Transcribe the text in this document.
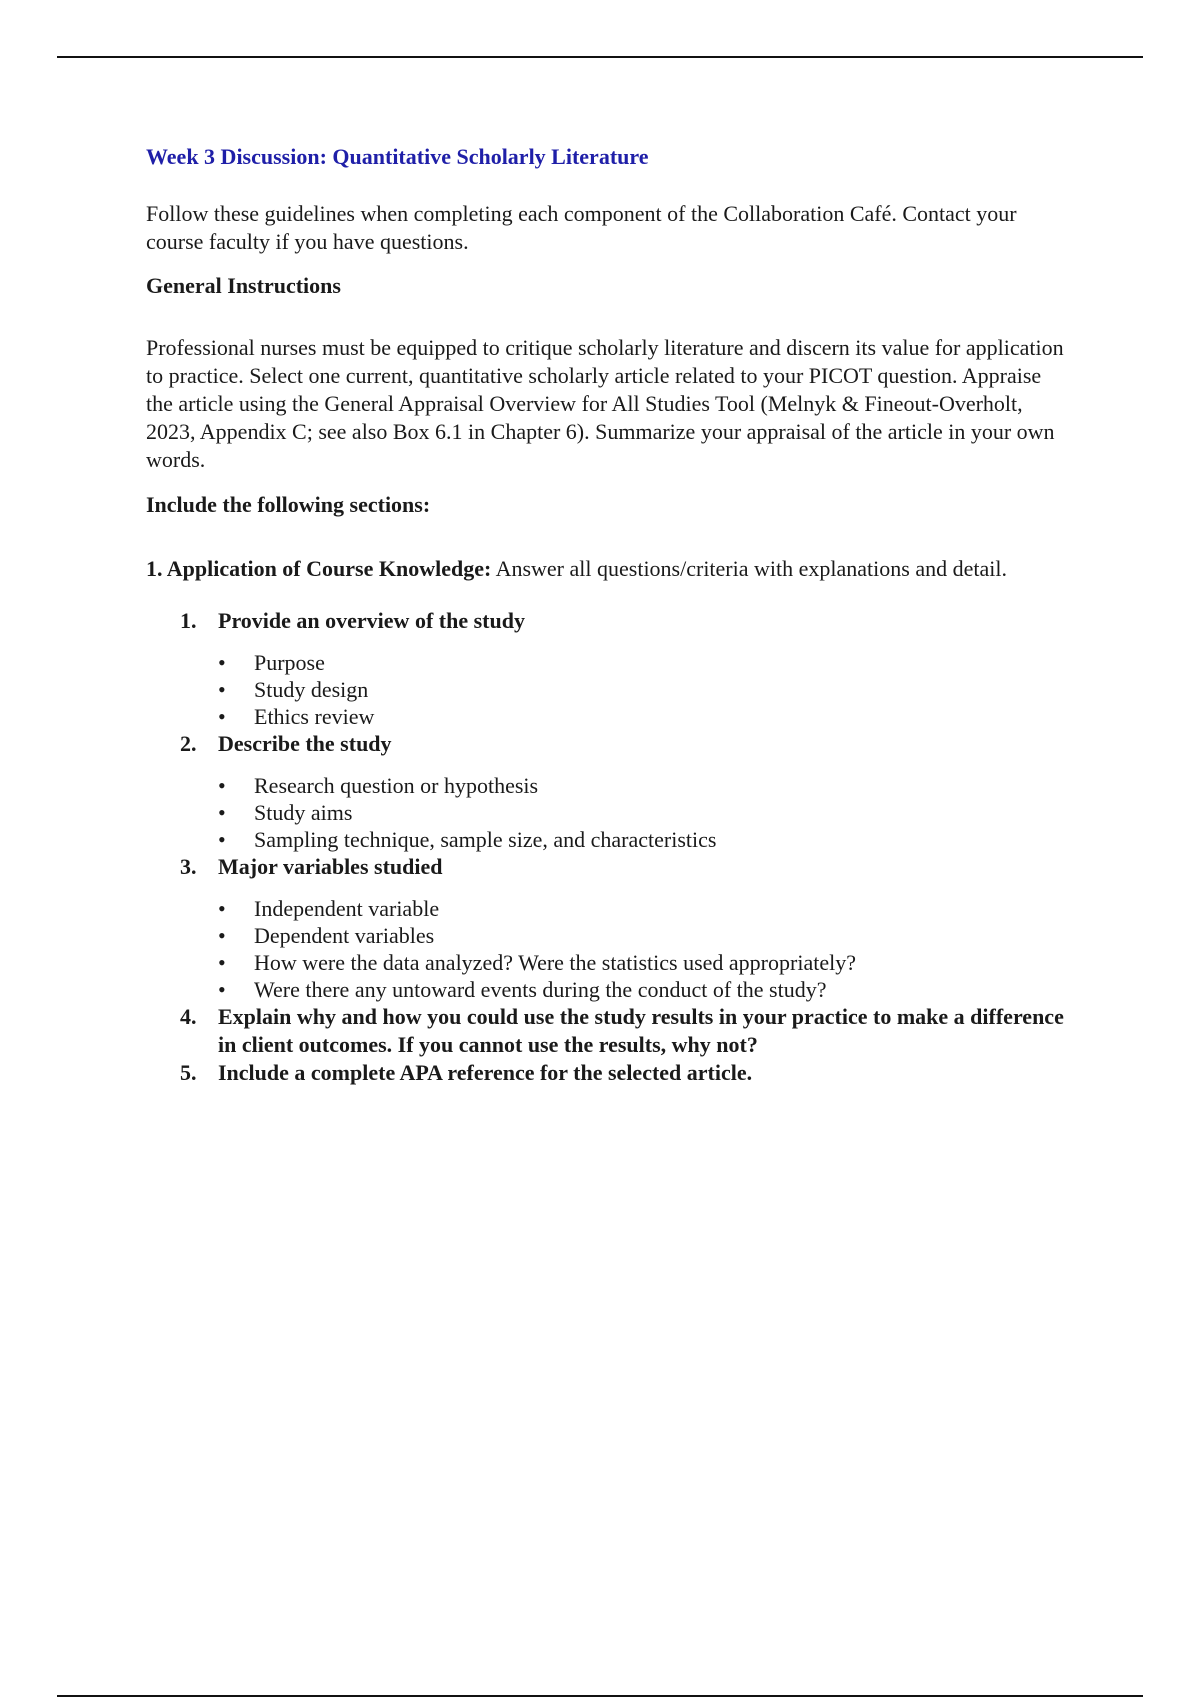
Week 3 Discussion: Quantitative Scholarly Literature

Follow these guidelines when completing each component of the Collaboration Café. Contact your course faculty if you have questions.

General Instructions

Professional nurses must be equipped to critique scholarly literature and discern its value for application to practice. Select one current, quantitative scholarly article related to your PICOT question. Appraise the article using the General Appraisal Overview for All Studies Tool (Melnyk & Fineout-Overholt, 2023, Appendix C; see also Box 6.1 in Chapter 6). Summarize your appraisal of the article in your own words.

Include the following sections:

1. Application of Course Knowledge: Answer all questions/criteria with explanations and detail.

1. Provide an overview of the study
• Purpose
• Study design
• Ethics review
2. Describe the study
• Research question or hypothesis
• Study aims
• Sampling technique, sample size, and characteristics
3. Major variables studied
• Independent variable
• Dependent variables
• How were the data analyzed? Were the statistics used appropriately?
• Were there any untoward events during the conduct of the study?
4. Explain why and how you could use the study results in your practice to make a difference in client outcomes. If you cannot use the results, why not?
5. Include a complete APA reference for the selected article.
